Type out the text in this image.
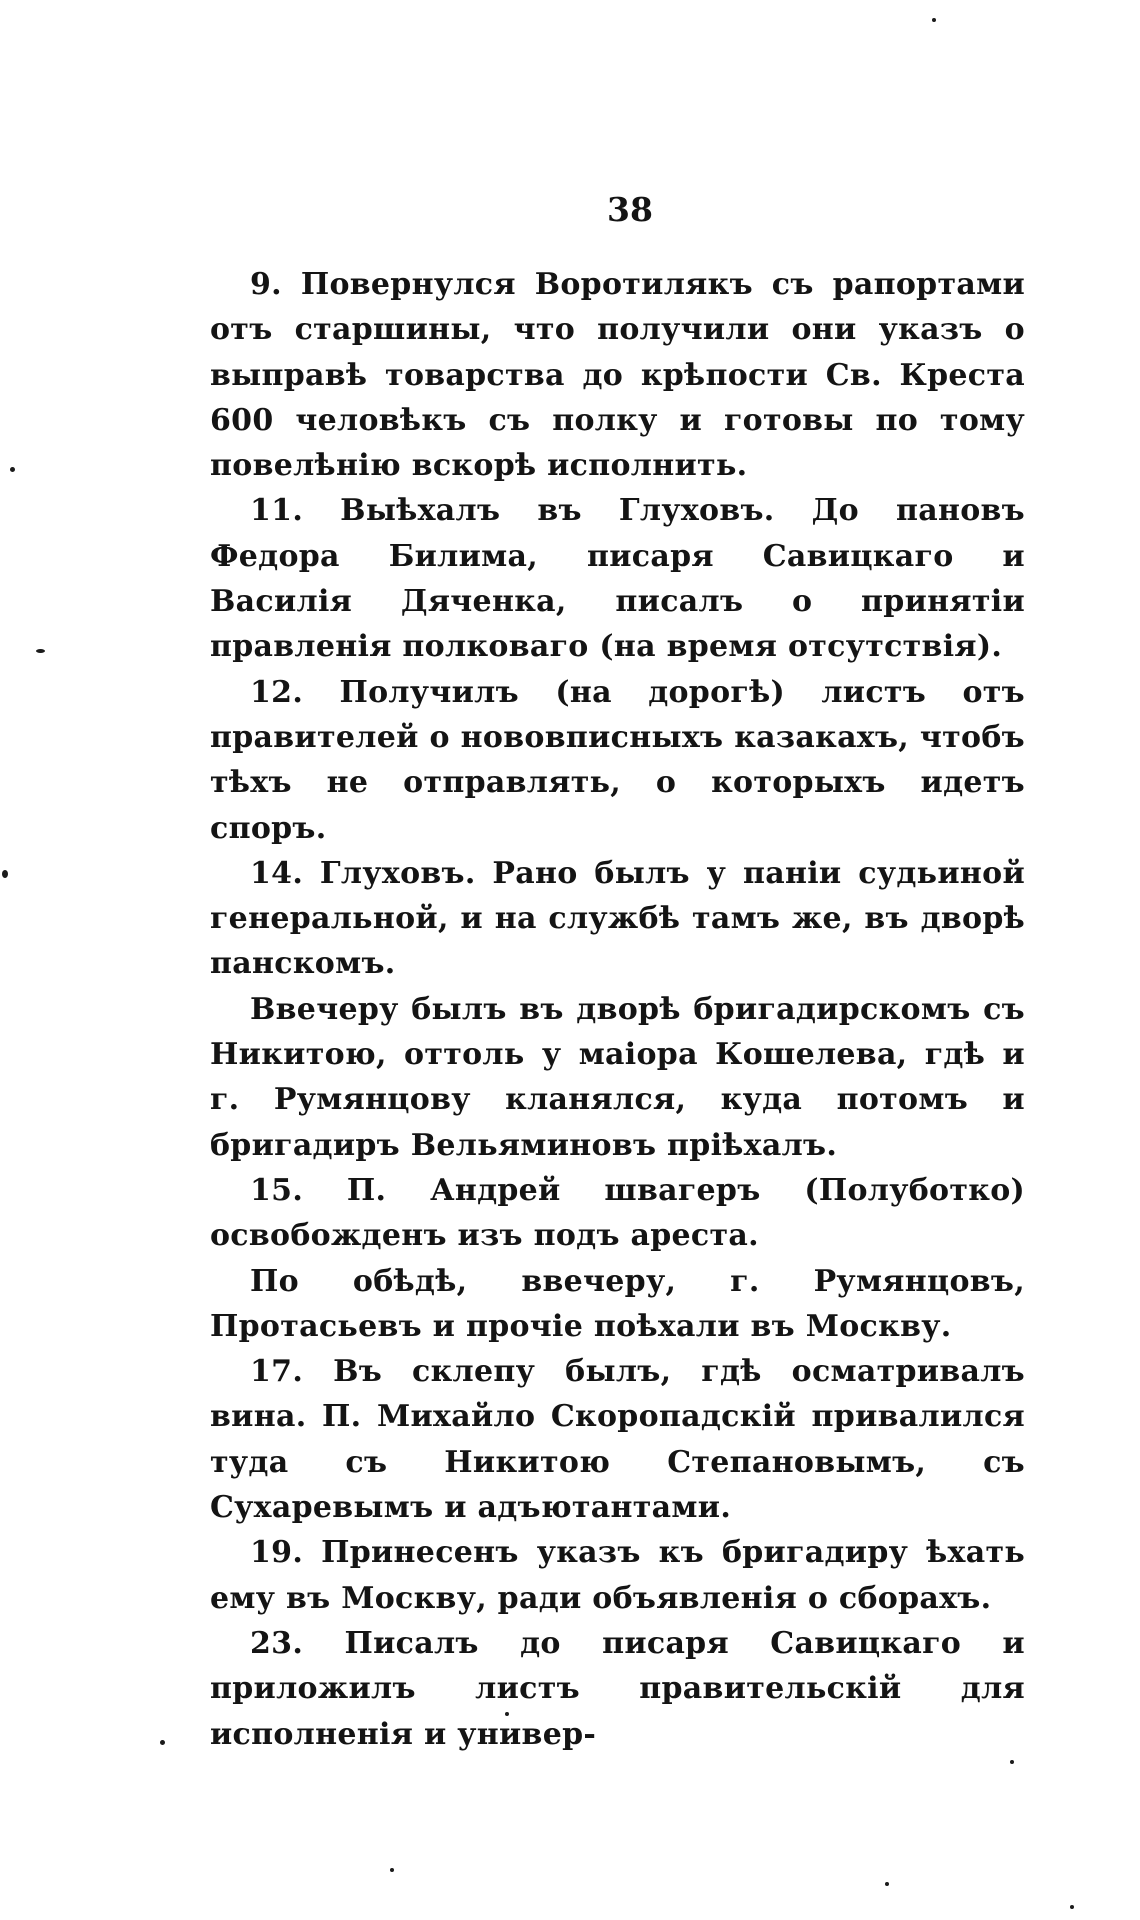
38

9. Повернулся Воротилякъ съ рапортами отъ старшины, что получили они указъ о выправѣ товарства до крѣпости Св. Креста 600 человѣкъ съ полку и готовы по тому повелѣнію вскорѣ исполнить.

11. Выѣхалъ въ Глуховъ. До пановъ Федора Билима, писаря Савицкаго и Василія Дяченка, писалъ о принятіи правленія полковаго (на время отсутствія).

12. Получилъ (на дорогѣ) листъ отъ правителей о нововписныхъ казакахъ, чтобъ тѣхъ не отправлять, о которыхъ идетъ споръ.

14. Глуховъ. Рано былъ у паніи судьиной генеральной, и на службѣ тамъ же, въ дворѣ панскомъ.

Ввечеру былъ въ дворѣ бригадирскомъ съ Никитою, оттоль у маіора Кошелева, гдѣ и г. Румянцову кланялся, куда потомъ и бригадиръ Вельяминовъ пріѣхалъ.

15. П. Андрей швагеръ (Полуботко) освобожденъ изъ подъ ареста.

По обѣдѣ, ввечеру, г. Румянцовъ, Протасьевъ и прочіе поѣхали въ Москву.

17. Въ склепу былъ, гдѣ осматривалъ вина. П. Михайло Скоропадскій привалился туда съ Никитою Степановымъ, съ Сухаревымъ и адъютантами.

19. Принесенъ указъ къ бригадиру ѣхать ему въ Москву, ради объявленія о сборахъ.

23. Писалъ до писаря Савицкаго и приложилъ листъ правительскій для исполненія и универ-
